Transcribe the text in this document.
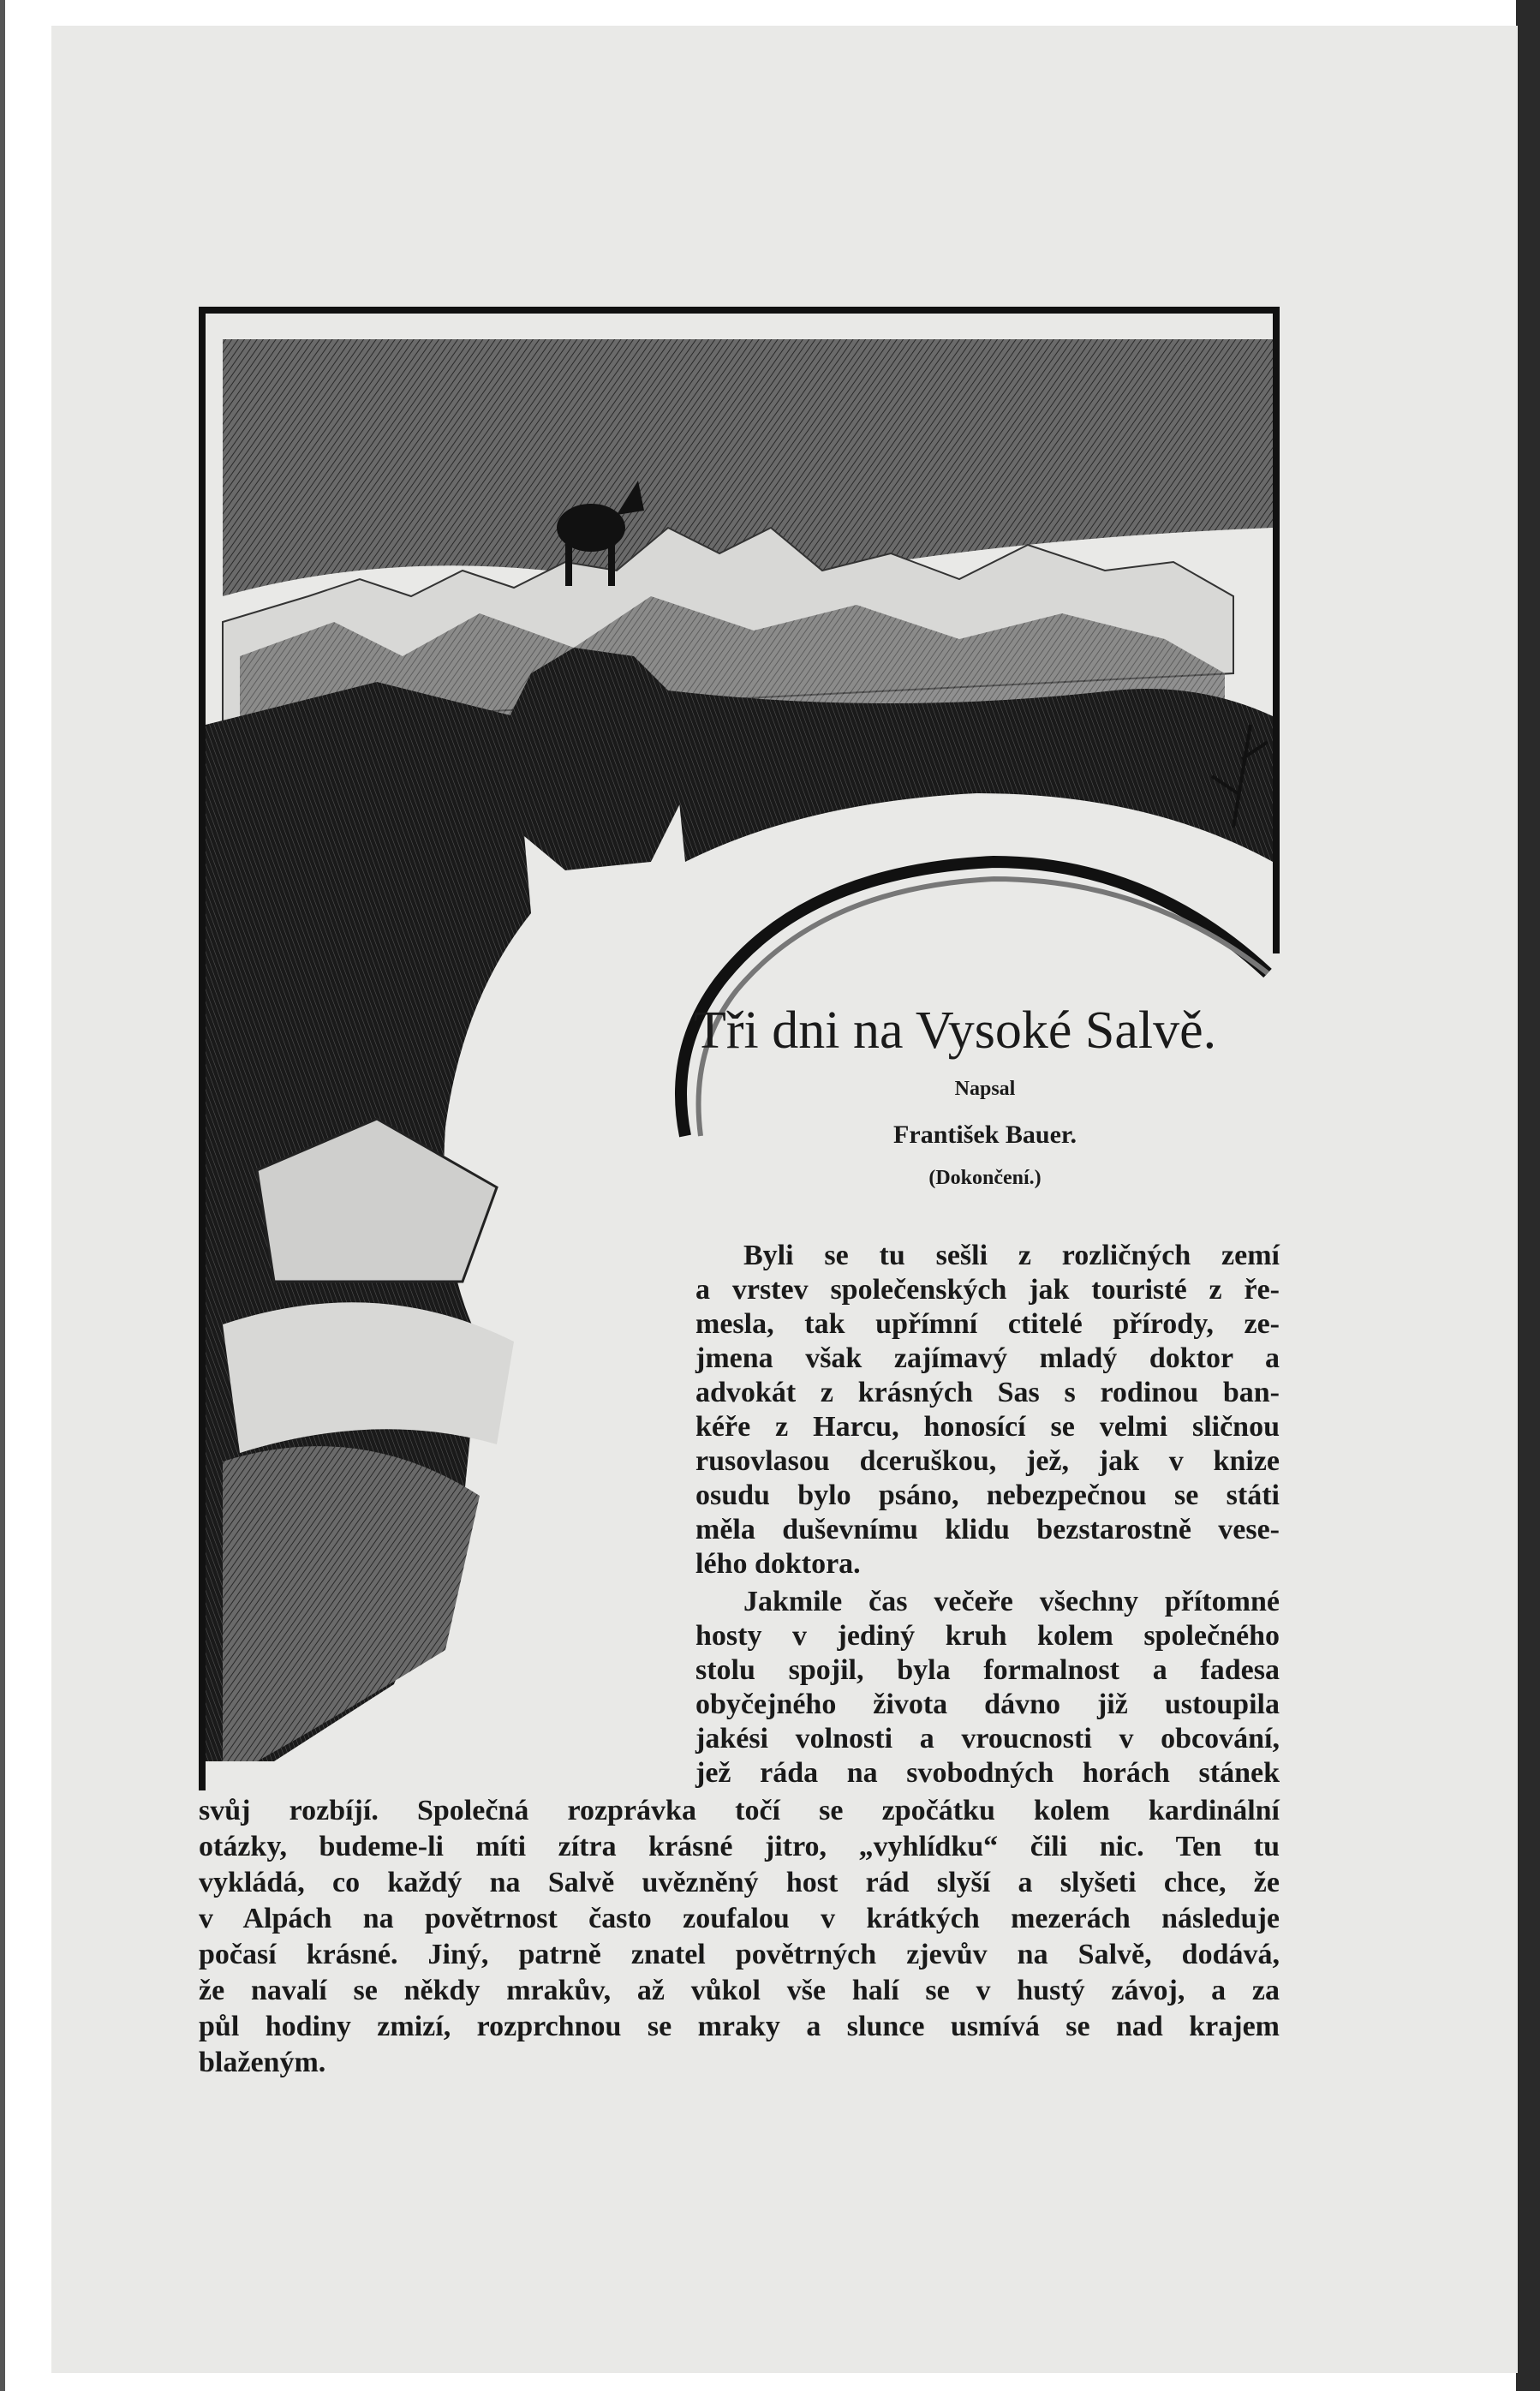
Tři dni na Vysoké Salvě.
Napsal
František Bauer.
(Dokončení.)

Byli se tu sešli z rozličných zemí

a vrstev společenských jak touristé z ře-

mesla, tak upřímní ctitelé přírody, ze-

jmena však zajímavý mladý doktor a

advokát z krásných Sas s rodinou ban-

kéře z Harcu, honosící se velmi sličnou

rusovlasou dceruškou, jež, jak v knize

osudu bylo psáno, nebezpečnou se státi

měla duševnímu klidu bezstarostně vese-

lého doktora.

Jakmile čas večeře všechny přítomné

hosty v jediný kruh kolem společného

stolu spojil, byla formalnost a fadesa

obyčejného života dávno již ustoupila

jakési volnosti a vroucnosti v obcování,

jež ráda na svobodných horách stánek

svůj rozbíjí. Společná rozprávka točí se zpočátku kolem kardinální

otázky, budeme-li míti zítra krásné jitro, „vyhlídku“ čili nic. Ten tu

vykládá, co každý na Salvě uvězněný host rád slyší a slyšeti chce, že

v Alpách na povětrnost často zoufalou v krátkých mezerách následuje

počasí krásné. Jiný, patrně znatel povětrných zjevův na Salvě, dodává,

že navalí se někdy mrakův, až vůkol vše halí se v hustý závoj, a za

půl hodiny zmizí, rozprchnou se mraky a slunce usmívá se nad krajem

blaženým.
